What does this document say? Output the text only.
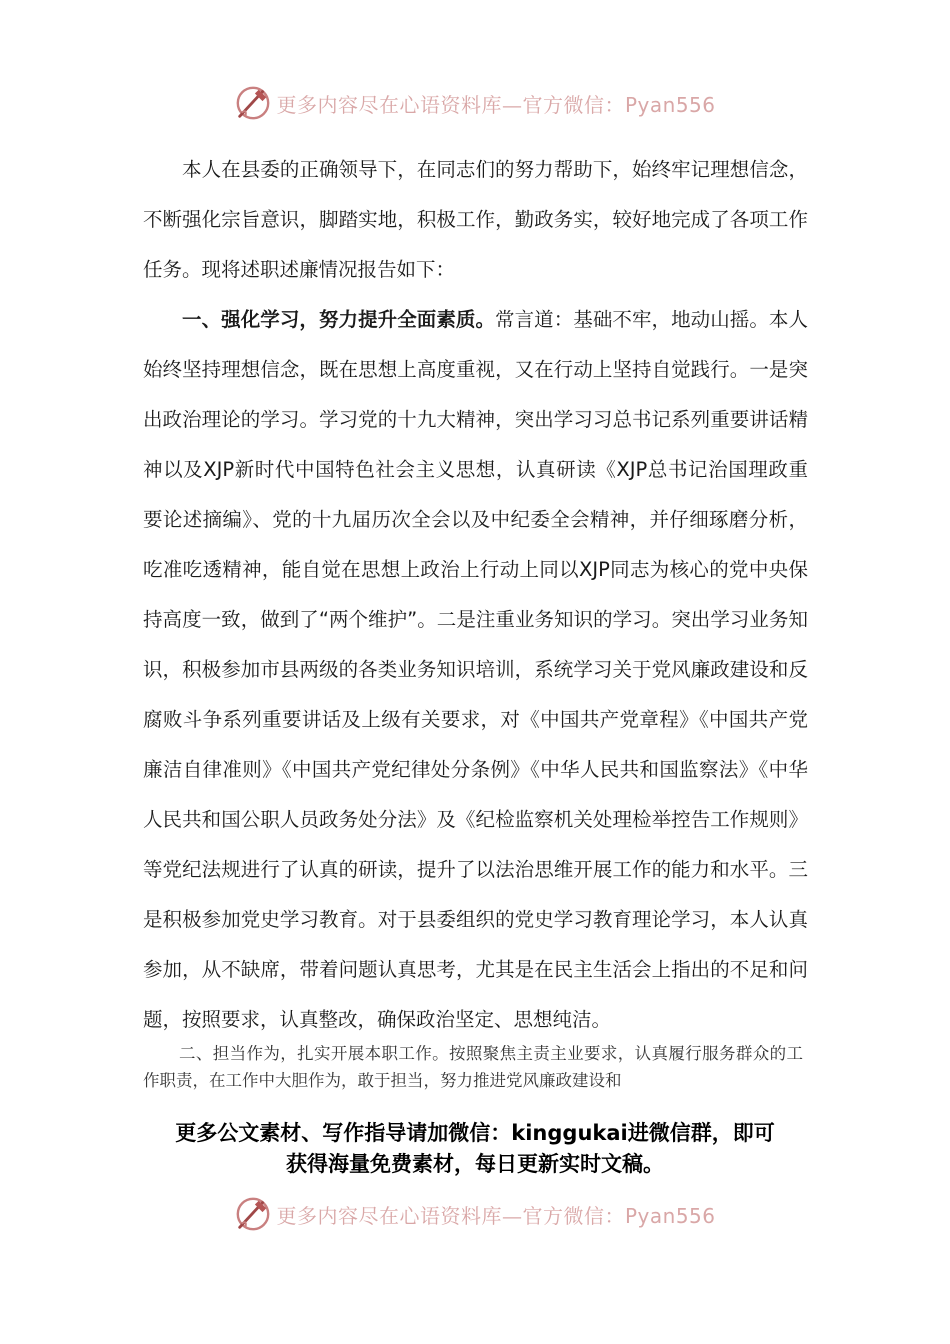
更多内容尽在心语资料库—官方微信：Pyan556

本人在县委的正确领导下，在同志们的努力帮助下，始终牢记理想信念，不断强化宗旨意识，脚踏实地，积极工作，勤政务实，较好地完成了各项工作任务。现将述职述廉情况报告如下：

一、强化学习，努力提升全面素质。常言道：基础不牢，地动山摇。本人始终坚持理想信念，既在思想上高度重视，又在行动上坚持自觉践行。一是突出政治理论的学习。学习党的十九大精神，突出学习习总书记系列重要讲话精神以及XJP新时代中国特色社会主义思想，认真研读《XJP总书记治国理政重要论述摘编》、党的十九届历次全会以及中纪委全会精神，并仔细琢磨分析，吃准吃透精神，能自觉在思想上政治上行动上同以XJP同志为核心的党中央保持高度一致，做到了“两个维护”。二是注重业务知识的学习。突出学习业务知识，积极参加市县两级的各类业务知识培训，系统学习关于党风廉政建设和反腐败斗争系列重要讲话及上级有关要求，对《中国共产党章程》《中国共产党廉洁自律准则》《中国共产党纪律处分条例》《中华人民共和国监察法》《中华人民共和国公职人员政务处分法》及《纪检监察机关处理检举控告工作规则》等党纪法规进行了认真的研读，提升了以法治思维开展工作的能力和水平。三是积极参加党史学习教育。对于县委组织的党史学习教育理论学习，本人认真参加，从不缺席，带着问题认真思考，尤其是在民主生活会上指出的不足和问题，按照要求，认真整改，确保政治坚定、思想纯洁。

二、担当作为，扎实开展本职工作。按照聚焦主责主业要求，认真履行服务群众的工作职责，在工作中大胆作为，敢于担当，努力推进党风廉政建设和

更多公文素材、写作指导请加微信：kinggukai进微信群，即可
获得海量免费素材，每日更新实时文稿。
更多内容尽在心语资料库—官方微信：Pyan556
